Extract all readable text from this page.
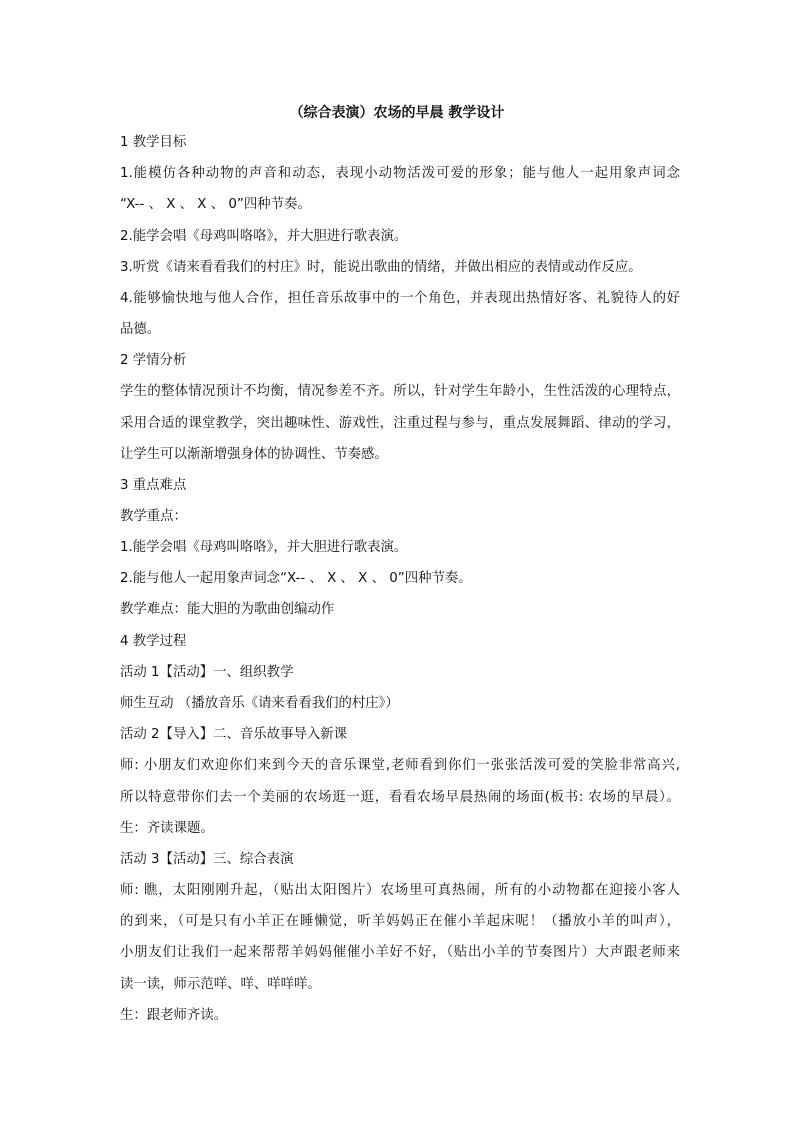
（综合表演）农场的早晨 教学设计
1 教学目标
1.能模仿各种动物的声音和动态，表现小动物活泼可爱的形象；能与他人一起用象声词念
“X-- 、 X 、 X 、 0”四种节奏。
2.能学会唱《母鸡叫咯咯》，并大胆进行歌表演。
3.听赏《请来看看我们的村庄》时，能说出歌曲的情绪，并做出相应的表情或动作反应。
4.能够愉快地与他人合作，担任音乐故事中的一个角色，并表现出热情好客、礼貌待人的好
品德。
2 学情分析
学生的整体情况预计不均衡，情况参差不齐。所以，针对学生年龄小，生性活泼的心理特点，
采用合适的课堂教学，突出趣味性、游戏性，注重过程与参与，重点发展舞蹈、律动的学习，
让学生可以渐渐增强身体的协调性、节奏感。
3 重点难点
教学重点：
1.能学会唱《母鸡叫咯咯》，并大胆进行歌表演。
2.能与他人一起用象声词念“X-- 、 X 、 X 、 0”四种节奏。
教学难点：能大胆的为歌曲创编动作
4 教学过程
活动 1【活动】一、组织教学
师生互动 （播放音乐《请来看看我们的村庄》）
活动 2【导入】二、音乐故事导入新课
师: 小朋友们欢迎你们来到今天的音乐课堂,老师看到你们一张张活泼可爱的笑脸非常高兴,
所以特意带你们去一个美丽的农场逛一逛，看看农场早晨热闹的场面(板书: 农场的早晨）。
生：齐读课题。
活动 3【活动】三、综合表演
师: 瞧，太阳刚刚升起，（贴出太阳图片）农场里可真热闹，所有的小动物都在迎接小客人
的到来，（可是只有小羊正在睡懒觉，听羊妈妈正在催小羊起床呢！（播放小羊的叫声），
小朋友们让我们一起来帮帮羊妈妈催催小羊好不好，（贴出小羊的节奏图片）大声跟老师来
读一读，师示范咩、咩、咩咩咩。
生：跟老师齐读。
